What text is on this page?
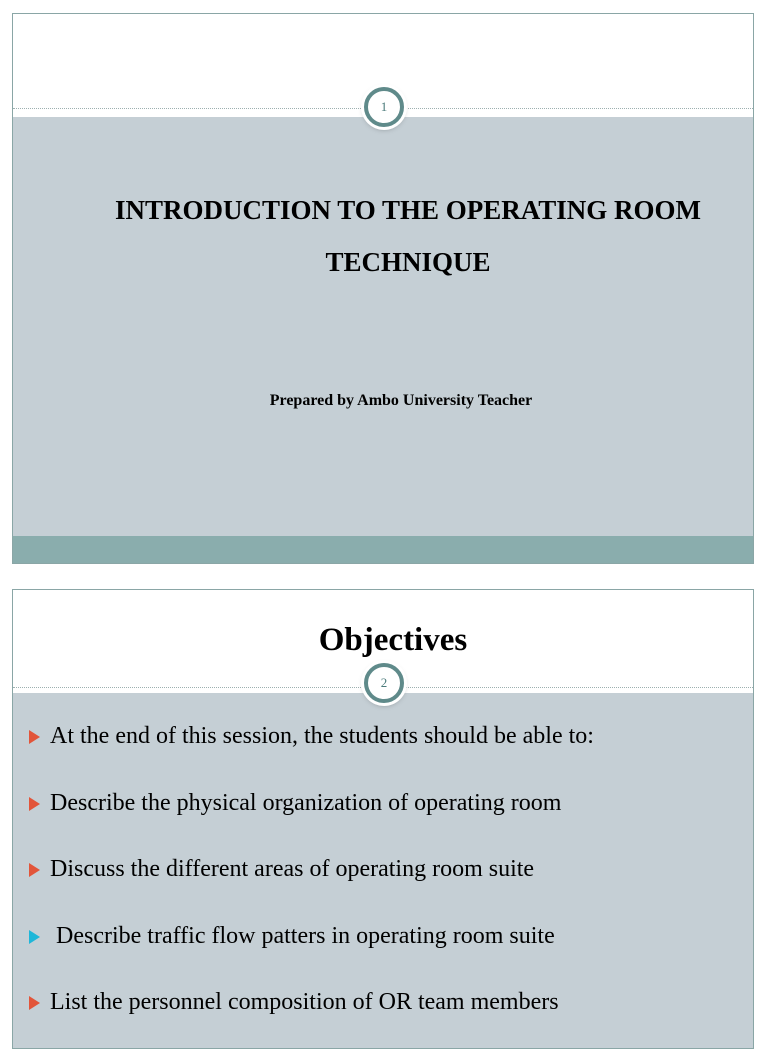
1
INTRODUCTION TO THE OPERATING ROOM
TECHNIQUE
Prepared by Ambo University Teacher
Objectives
2
At the end of this session, the students should be able to:
Describe the physical organization of operating room
Discuss the different areas of operating room suite
Describe traffic flow patters in operating room suite
List the personnel composition of OR team members
